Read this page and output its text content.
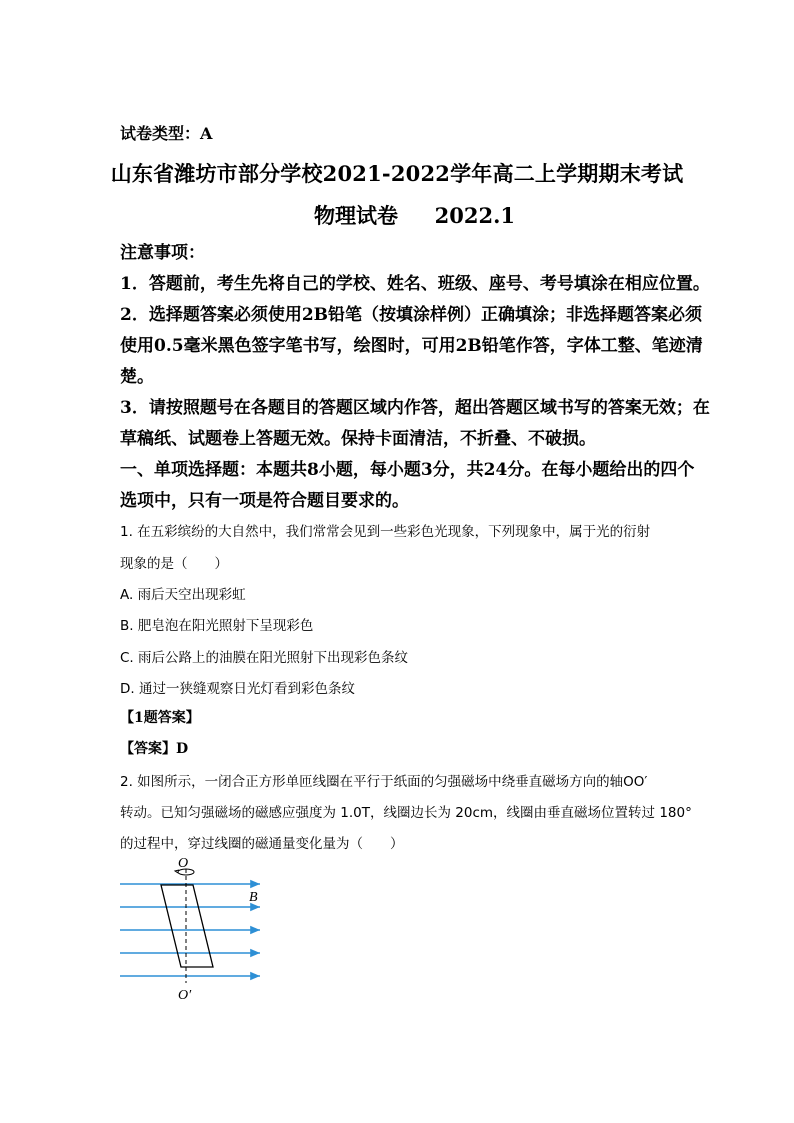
试卷类型：A
山东省潍坊市部分学校2021-2022学年高二上学期期末考试
物理试卷 2022.1
注意事项：
1．答题前，考生先将自己的学校、姓名、班级、座号、考号填涂在相应位置。
2．选择题答案必须使用2B铅笔（按填涂样例）正确填涂；非选择题答案必须
使用0.5毫米黑色签字笔书写，绘图时，可用2B铅笔作答，字体工整、笔迹清
楚。
3．请按照题号在各题目的答题区域内作答，超出答题区域书写的答案无效；在
草稿纸、试题卷上答题无效。保持卡面清洁，不折叠、不破损。
一、单项选择题：本题共8小题，每小题3分，共24分。在每小题给出的四个
选项中，只有一项是符合题目要求的。
1. 在五彩缤纷的大自然中，我们常常会见到一些彩色光现象，下列现象中，属于光的衍射
现象的是（　　）
A. 雨后天空出现彩虹
B. 肥皂泡在阳光照射下呈现彩色
C. 雨后公路上的油膜在阳光照射下出现彩色条纹
D. 通过一狭缝观察日光灯看到彩色条纹
【1题答案】
【答案】D
2. 如图所示，一闭合正方形单匝线圈在平行于纸面的匀强磁场中绕垂直磁场方向的轴OO′
转动。已知匀强磁场的磁感应强度为 1.0T，线圈边长为 20cm，线圈由垂直磁场位置转过 180°
的过程中，穿过线圈的磁通量变化量为（　　）
O
O′
B
